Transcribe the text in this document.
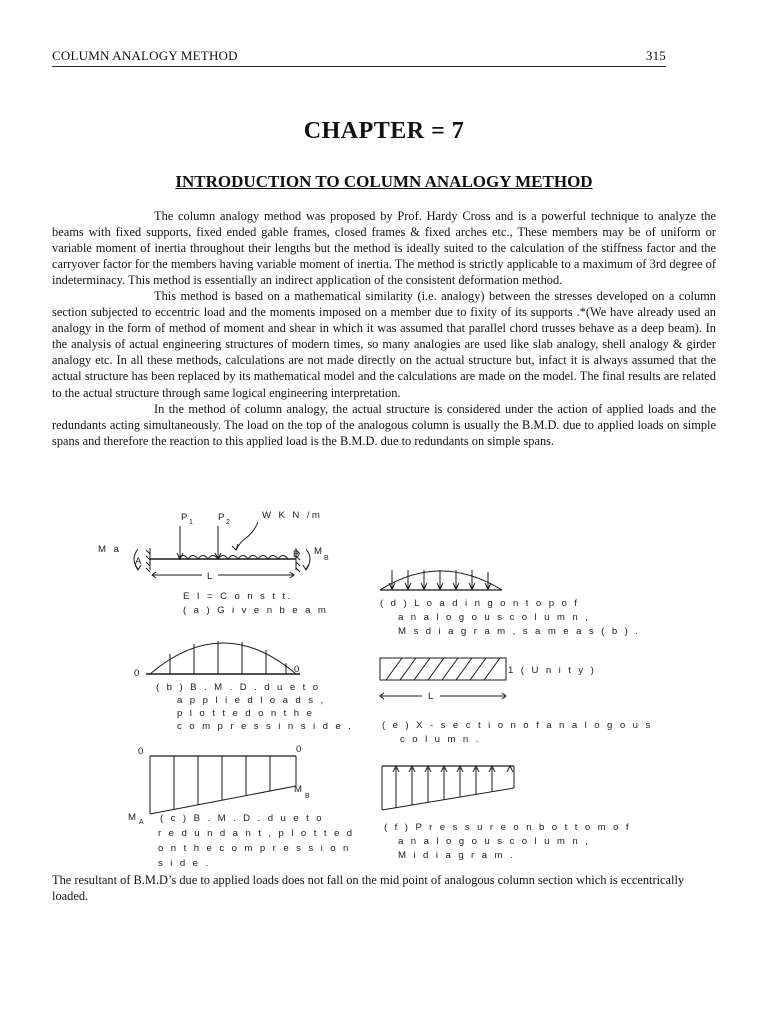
COLUMN ANALOGY METHOD	315
CHAPTER = 7
INTRODUCTION TO COLUMN ANALOGY METHOD

The column analogy method was proposed by Prof. Hardy Cross and is a powerful technique to analyze the beams with fixed supports, fixed ended gable frames, closed frames & fixed arches etc., These members may be of uniform or variable moment of inertia throughout their lengths but the method is ideally suited to the calculation of the stiffness factor and the carryover factor for the members having variable moment of inertia. The method is strictly applicable to a maximum of 3rd degree of indeterminacy. This method is essentially an indirect application of the consistent deformation method.

This method is based on a mathematical similarity (i.e. analogy) between the stresses developed on a column section subjected to eccentric load and the moments imposed on a member due to fixity of its supports .*(We have already used an analogy in the form of method of moment and shear in which it was assumed that parallel chord trusses behave as a deep beam). In the analysis of actual engineering structures of modern times, so many analogies are used like slab analogy, shell analogy & girder analogy etc. In all these methods, calculations are not made directly on the actual structure but, infact it is always assumed that the actual structure has been replaced by its mathematical model and the calculations are made on the model. The final results are related to the actual structure through same logical engineering interpretation.

In the method of column analogy, the actual structure is considered under the action of applied loads and the redundants acting simultaneously. The load on the top of the analogous column is usually the B.M.D. due to applied loads on simple spans and therefore the reaction to this applied load is the B.M.D. due to redundants on simple spans.

M a
A
B M
B
P 1	P 2
W K N /m
L
E I = C o n s t t.
( a ) G i v e n b e a m
0	0
( b ) B . M . D . d u e t o
a p p l i e d l o a d s ,
p l o t t e d o n t h e
c o m p r e s s i n s i d e .
0	0
M A
M
B
( c ) B . M . D . d u e t o
r e d u n d a n t , p l o t t e d
o n t h e c o m p r e s s i o n
s i d e .
( d ) L o a d i n g o n t o p o f
a n a l o g o u s c o l u m n ,
M s d i a g r a m , s a m e a s ( b ) .
1 ( U n i t y )
L
( e ) X - s e c t i o n o f a n a l o g o u s
c o l u m n .
( f ) P r e s s u r e o n b o t t o m o f
a n a l o g o u s c o l u m n ,
M i d i a g r a m .
The resultant of B.M.D’s due to applied loads does not fall on the mid point of analogous column section which is eccentrically loaded.
